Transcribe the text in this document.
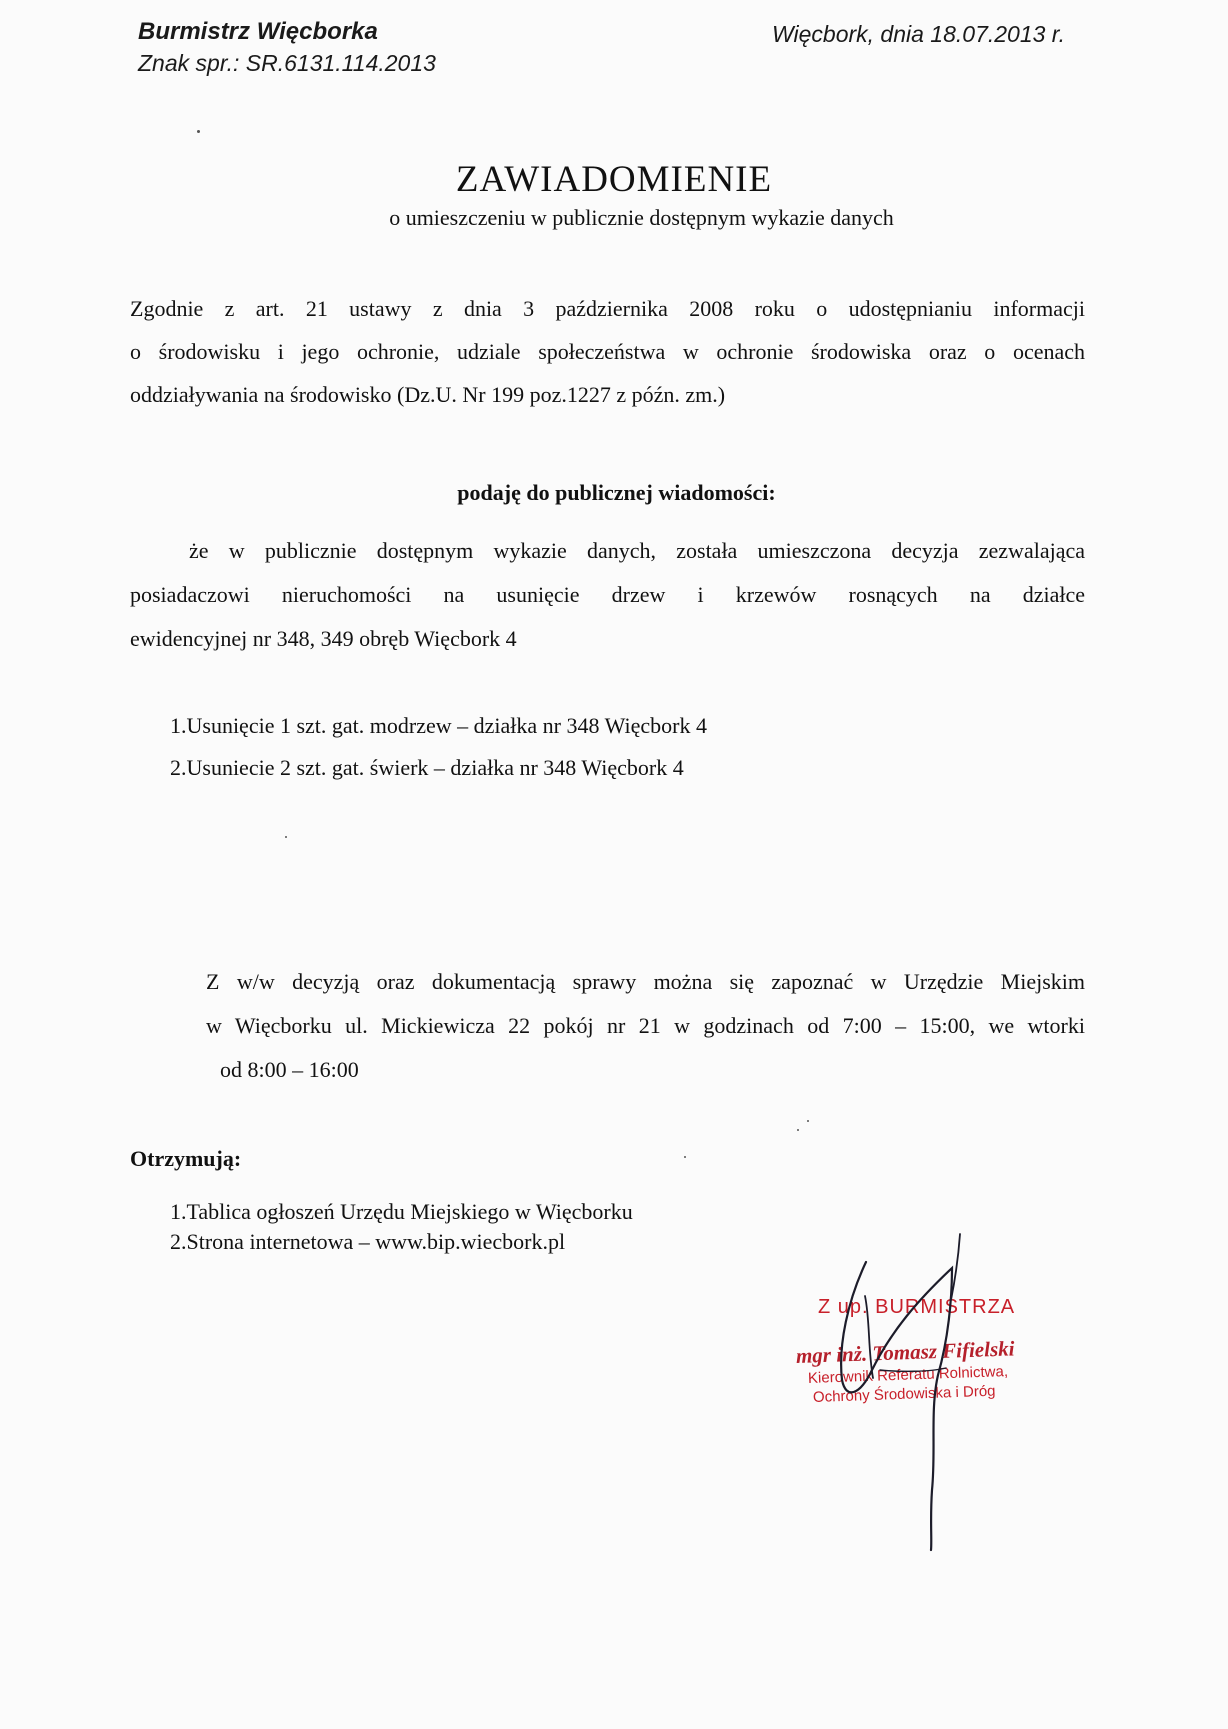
Burmistrz Więcborka
Znak spr.: SR.6131.114.2013
Więcbork, dnia 18.07.2013 r.
ZAWIADOMIENIE
o umieszczeniu w publicznie dostępnym wykazie danych
Zgodnie z art. 21 ustawy z dnia 3 października 2008 roku o udostępnianiu informacji
o środowisku i jego ochronie, udziale społeczeństwa w ochronie środowiska oraz o ocenach
oddziaływania na środowisko (Dz.U. Nr 199 poz.1227 z późn. zm.)
podaję do publicznej wiadomości:
że w publicznie dostępnym wykazie danych, została umieszczona decyzja zezwalająca
posiadaczowi nieruchomości na usunięcie drzew i krzewów rosnących na działce
ewidencyjnej nr 348, 349 obręb Więcbork 4
1.Usunięcie 1 szt. gat. modrzew – działka nr 348 Więcbork 4
2.Usuniecie 2 szt. gat. świerk – działka nr 348 Więcbork 4
Z w/w decyzją oraz dokumentacją sprawy można się zapoznać w Urzędzie Miejskim
w Więcborku ul. Mickiewicza 22 pokój nr 21 w godzinach od 7:00 – 15:00, we wtorki
od 8:00 – 16:00
Otrzymują:
1.Tablica ogłoszeń Urzędu Miejskiego w Więcborku
2.Strona internetowa – www.bip.wiecbork.pl
Z up. BURMISTRZA
mgr inż. Tomasz Fifielski
Kierownik Referatu Rolnictwa,
Ochrony Środowiska i Dróg
